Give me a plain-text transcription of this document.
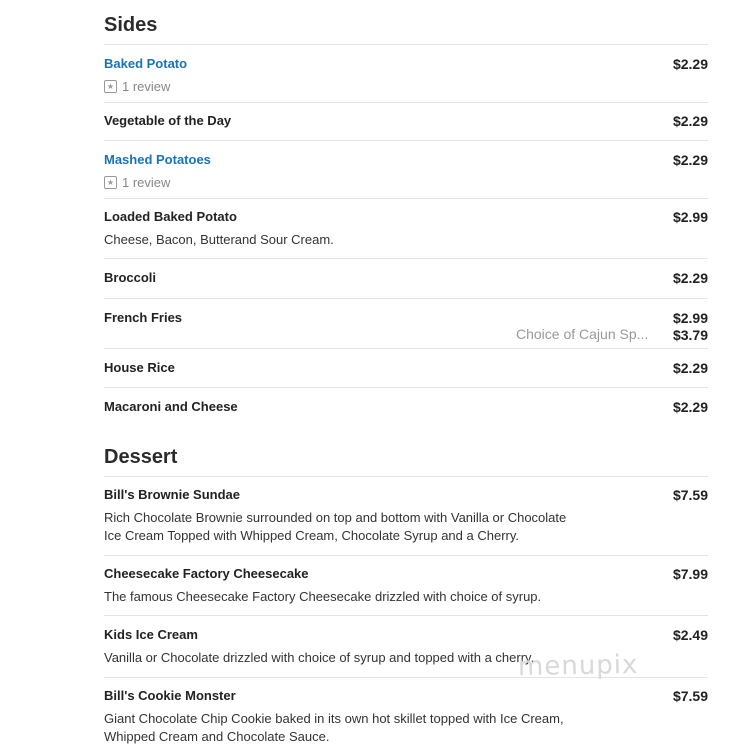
Sides
Baked Potato	$2.29
★ 1 review
Vegetable of the Day	$2.29
Mashed Potatoes	$2.29
★ 1 review
Loaded Baked Potato	$2.99
Cheese, Bacon, Butterand Sour Cream.
Broccoli	$2.29
French Fries	$2.99
Choice of Cajun Sp... $3.79
House Rice	$2.29
Macaroni and Cheese	$2.29
Dessert
Bill's Brownie Sundae	$7.59
Rich Chocolate Brownie surrounded on top and bottom with Vanilla or Chocolate
Ice Cream Topped with Whipped Cream, Chocolate Syrup and a Cherry.
Cheesecake Factory Cheesecake	$7.99
The famous Cheesecake Factory Cheesecake drizzled with choice of syrup.
Kids Ice Cream	$2.49
Vanilla or Chocolate drizzled with choice of syrup and topped with a cherry.
Bill's Cookie Monster	$7.59
Giant Chocolate Chip Cookie baked in its own hot skillet topped with Ice Cream,
Whipped Cream and Chocolate Sauce.
menupix
